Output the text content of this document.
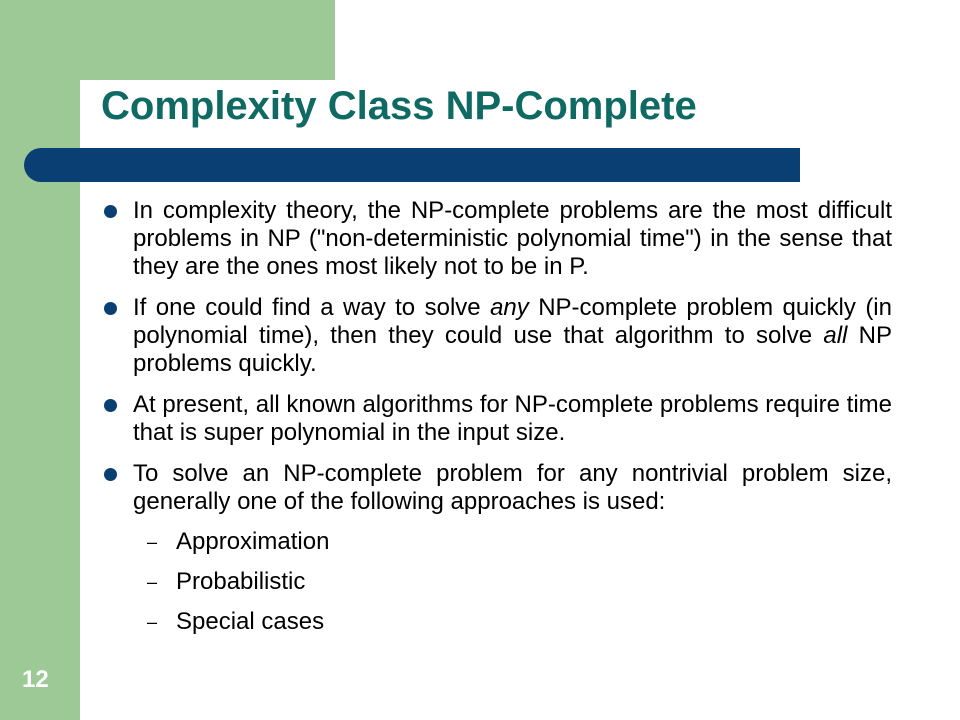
Complexity Class NP-Complete
In complexity theory, the NP-complete problems are the most difficult problems in NP ("non-deterministic polynomial time") in the sense that they are the ones most likely not to be in P.
If one could find a way to solve any NP-complete problem quickly (in polynomial time), then they could use that algorithm to solve all NP problems quickly.
At present, all known algorithms for NP-complete problems require time that is super polynomial in the input size.
To solve an NP-complete problem for any nontrivial problem size, generally one of the following approaches is used:
– Approximation
– Probabilistic
– Special cases
12
